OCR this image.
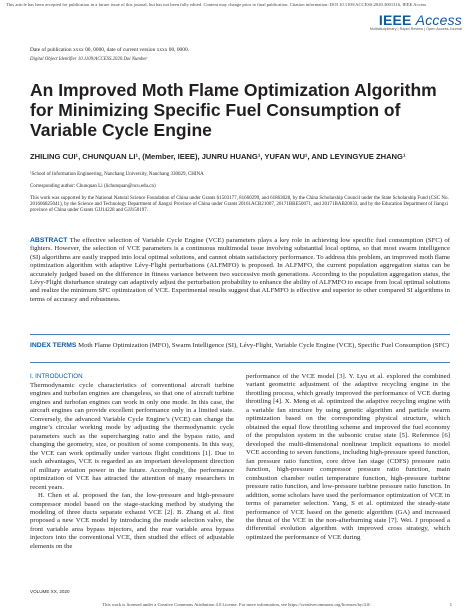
This article has been accepted for publication in a future issue of this journal, but has not been fully edited. Content may change prior to final publication. Citation information: DOI 10.1109/ACCESS.2020.3001316, IEEE Access
IEEE Access
Multidisciplinary | Rapid Review | Open Access Journal
Date of publication xxxx 00, 0000, date of current version xxxx 00, 0000.
Digital Object Identifier 10.1109/ACCESS.2020.Doi Number
An Improved Moth Flame Optimization Algorithm for Minimizing Specific Fuel Consumption of Variable Cycle Engine
ZHILING CUI¹, CHUNQUAN LI¹, (Member, IEEE), JUNRU HUANG¹, YUFAN WU¹, AND LEYINGYUE ZHANG¹
¹School of Information Engineering, Nanchang University, Nanchang 330029, CHINA
Corresponding author: Chunquan Li (lichunquan@ncu.edu.cn)
This work was supported by the National Natural Science Foundation of China under Grants 61503177, 81660299, and 61863028, by the China Scholarship Council under the State Scholarship Fund (CSC No. 201606825041), by the Science and Technology Department of Jiangxi Province of China under Grants 20161ACB21007, 20171BBE50071, and 20171BAB20033, and by the Education Department of Jiangxi province of China under Grants GJJ14228 and GJJ150197.
ABSTRACT The effective selection of Variable Cycle Engine (VCE) parameters plays a key role in achieving low specific fuel consumption (SFC) of fighters. However, the selection of VCE parameters is a continuous multimodal issue involving substantial local optima, so that most swarm intelligence (SI) algorithms are easily trapped into local optimal solutions, and cannot obtain satisfactory performance. To address this problem, an improved moth flame optimization algorithm with adaptive Lévy-Flight perturbations (ALFMFO) is proposed. In ALFMFO, the current population aggregation status can be accurately judged based on the difference in fitness variance between two successive moth generations. According to the population aggregation status, the Lévy-Flight disturbance strategy can adaptively adjust the perturbation probability to enhance the ability of ALFMFO to escape from local optimal solutions and realize the minimum SFC optimization of VCE. Experimental results suggest that ALFMFO is effective and superior to other compared SI algorithms in terms of accuracy and robustness.
INDEX TERMS Moth Flame Optimization (MFO), Swarm Intelligence (SI), Lévy-Flight, Variable Cycle Engine (VCE), Specific Fuel Consumption (SFC)
I. INTRODUCTION

Thermodynamic cycle characteristics of conventional aircraft turbine engines and turbofan engines are changeless, so that one of aircraft turbine engines and turbofan engines can work in only one mode. In this case, the aircraft engines can provide excellent performance only in a limited state. Conversely, the advanced Variable Cycle Engine’s (VCE) can change the engine’s circular working mode by adjusting the thermodynamic cycle parameters such as the supercharging ratio and the bypass ratio, and changing the geometry, size, or position of some components. In this way, the VCE can work optimally under various flight conditions [1]. Due to such advantages, VCE is regarded as an important development direction of military aviation power in the future. Accordingly, the performance optimization of VCE has attracted the attention of many researchers in recent years.

H. Chen et al. proposed the fan, the low-pressure and high-pressure compressor model based on the stage-stacking method by studying the modeling of three ducts separate exhaust VCE [2]. B. Zhang et al. first proposed a new VCE model by introducing the mode selection valve, the front variable area bypass injectors, and the rear variable area bypass injectors into the conventional VCE, then studied the effect of adjustable elements on the

performance of the VCE model [3]. Y. Lyu et al. explored the combined variant geometric adjustment of the adaptive recycling engine in the throttling process, which greatly improved the performance of VCE during throttling [4]. X. Meng et al. optimized the adaptive recycling engine with a variable fan structure by using genetic algorithm and particle swarm optimization based on the corresponding physical structure, which obtained the equal flow throttling scheme and improved the fuel economy of the propulsion system in the subsonic cruise state [5]. Reference [6] developed the multi-dimensional nonlinear implicit equations to model VCE according to seven functions, including high-pressure speed function, fan pressure ratio function, core drive fan stage (CDFS) pressure ratio function, high-pressure compressor pressure ratio function, main combustion chamber outlet temperature function, high-pressure turbine pressure ratio function, and low-pressure turbine pressure ratio function. In addition, some scholars have used the performance optimization of VCE in terms of parameter selection. Yang, S et al. optimized the steady-state performance of VCE based on the genetic algorithm (GA) and increased the thrust of the VCE in the non-afterburning state [7]. Wei. J proposed a differential evolution algorithm with improved cross strategy, which optimized the performance of VCE during

VOLUME XX, 2020
This work is licensed under a Creative Commons Attribution 4.0 License. For more information, see https://creativecommons.org/licenses/by/4.0/.	1
